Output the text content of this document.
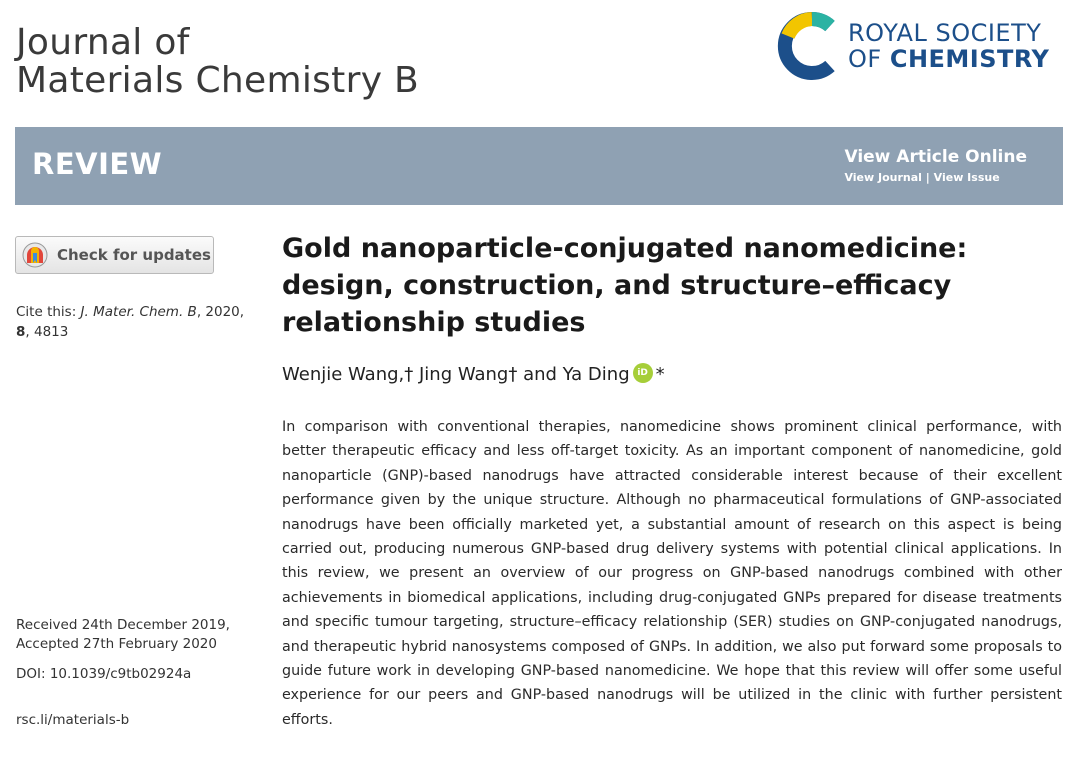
Journal of
Materials Chemistry B
ROYAL SOCIETY
OF CHEMISTRY
REVIEW	View Article Online
View Journal | View Issue
Check for updates
Cite this: J. Mater. Chem. B, 2020,
8, 4813
Received 24th December 2019,
Accepted 27th February 2020
DOI: 10.1039/c9tb02924a
rsc.li/materials-b
Gold nanoparticle-conjugated nanomedicine: design, construction, and structure–efficacy relationship studies
Wenjie Wang,† Jing Wang† and Ya Ding iD *

In comparison with conventional therapies, nanomedicine shows prominent clinical performance, with better therapeutic efficacy and less off-target toxicity. As an important component of nanomedicine, gold nanoparticle (GNP)-based nanodrugs have attracted considerable interest because of their excellent performance given by the unique structure. Although no pharmaceutical formulations of GNP-associated nanodrugs have been officially marketed yet, a substantial amount of research on this aspect is being carried out, producing numerous GNP-based drug delivery systems with potential clinical applications. In this review, we present an overview of our progress on GNP-based nanodrugs combined with other achievements in biomedical applications, including drug-conjugated GNPs prepared for disease treatments and specific tumour targeting, structure–efficacy relationship (SER) studies on GNP-conjugated nanodrugs, and therapeutic hybrid nanosystems composed of GNPs. In addition, we also put forward some proposals to guide future work in developing GNP-based nanomedicine. We hope that this review will offer some useful experience for our peers and GNP-based nanodrugs will be utilized in the clinic with further persistent efforts.
